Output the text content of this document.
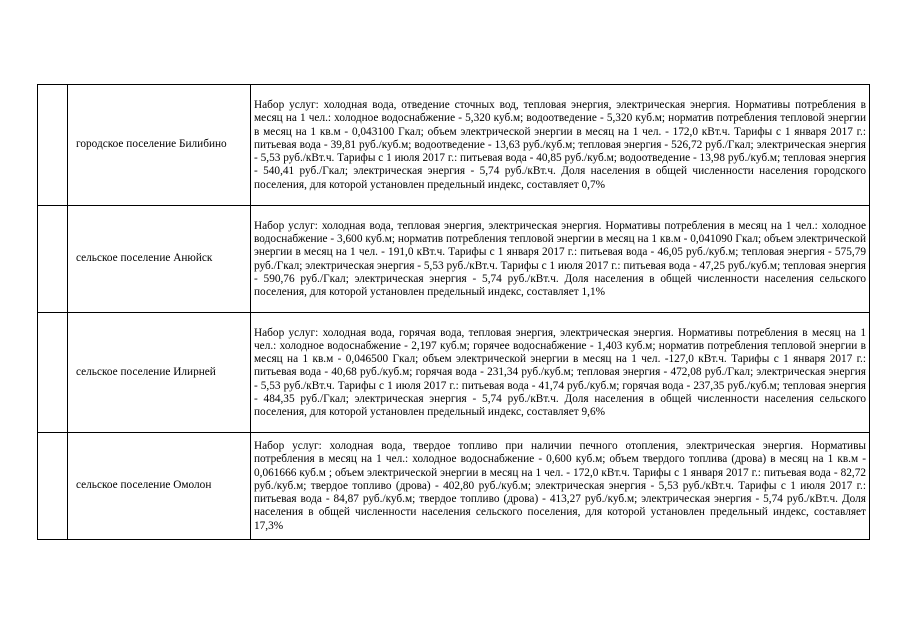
	городское поселение Билибино	Набор услуг: холодная вода, отведение сточных вод, тепловая энергия, электрическая энергия. Нормативы потребления в месяц на 1 чел.: холодное водоснабжение - 5,320 куб.м; водоотведение - 5,320 куб.м; норматив потребления тепловой энергии в месяц на 1 кв.м - 0,043100 Гкал; объем электрической энергии в месяц на 1 чел. - 172,0 кВт.ч. Тарифы с 1 января 2017 г.: питьевая вода - 39,81 руб./куб.м; водоотведение - 13,63 руб./куб.м; тепловая энергия - 526,72 руб./Гкал; электрическая энергия - 5,53 руб./кВт.ч. Тарифы с 1 июля 2017 г.: питьевая вода - 40,85 руб./куб.м; водоотведение - 13,98 руб./куб.м; тепловая энергия - 540,41 руб./Гкал; электрическая энергия - 5,74 руб./кВт.ч. Доля населения в общей численности населения городского поселения, для которой установлен предельный индекс, составляет 0,7%
	сельское поселение Анюйск	Набор услуг: холодная вода, тепловая энергия, электрическая энергия. Нормативы потребления в месяц на 1 чел.: холодное водоснабжение - 3,600 куб.м; норматив потребления тепловой энергии в месяц на 1 кв.м - 0,041090 Гкал; объем электрической энергии в месяц на 1 чел. - 191,0 кВт.ч. Тарифы с 1 января 2017 г.: питьевая вода - 46,05 руб./куб.м; тепловая энергия - 575,79 руб./Гкал; электрическая энергия - 5,53 руб./кВт.ч. Тарифы с 1 июля 2017 г.: питьевая вода - 47,25 руб./куб.м; тепловая энергия - 590,76 руб./Гкал; электрическая энергия - 5,74 руб./кВт.ч. Доля населения в общей численности населения сельского поселения, для которой установлен предельный индекс, составляет 1,1%
	сельское поселение Илирней	Набор услуг: холодная вода, горячая вода, тепловая энергия, электрическая энергия. Нормативы потребления в месяц на 1 чел.: холодное водоснабжение - 2,197 куб.м; горячее водоснабжение - 1,403 куб.м; норматив потребления тепловой энергии в месяц на 1 кв.м - 0,046500 Гкал; объем электрической энергии в месяц на 1 чел. -127,0 кВт.ч. Тарифы с 1 января 2017 г.: питьевая вода - 40,68 руб./куб.м; горячая вода - 231,34 руб./куб.м; тепловая энергия - 472,08 руб./Гкал; электрическая энергия - 5,53 руб./кВт.ч. Тарифы с 1 июля 2017 г.: питьевая вода - 41,74 руб./куб.м; горячая вода - 237,35 руб./куб.м; тепловая энергия - 484,35 руб./Гкал; электрическая энергия - 5,74 руб./кВт.ч. Доля населения в общей численности населения сельского поселения, для которой установлен предельный индекс, составляет 9,6%
	сельское поселение Омолон	Набор услуг: холодная вода, твердое топливо при наличии печного отопления, электрическая энергия. Нормативы потребления в месяц на 1 чел.: холодное водоснабжение - 0,600 куб.м; объем твердого топлива (дрова) в месяц на 1 кв.м - 0,061666 куб.м ; объем электрической энергии в месяц на 1 чел. - 172,0 кВт.ч. Тарифы с 1 января 2017 г.: питьевая вода - 82,72 руб./куб.м; твердое топливо (дрова) - 402,80 руб./куб.м; электрическая энергия - 5,53 руб./кВт.ч. Тарифы с 1 июля 2017 г.: питьевая вода - 84,87 руб./куб.м; твердое топливо (дрова) - 413,27 руб./куб.м; электрическая энергия - 5,74 руб./кВт.ч. Доля населения в общей численности населения сельского поселения, для которой установлен предельный индекс, составляет 17,3%
